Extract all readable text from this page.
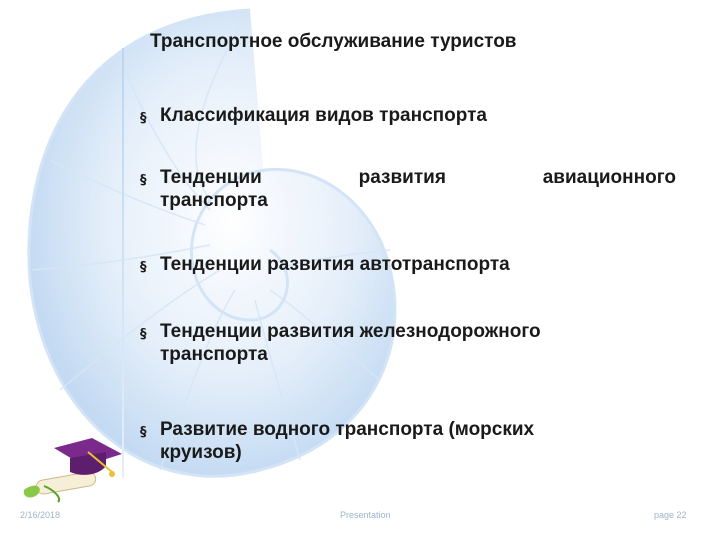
Транспортное обслуживание туристов
§ Классификация видов транспорта
§ Тенденции	развития	авиационного
транспорта
§ Тенденции развития автотранспорта
§ Тенденции развития железнодорожного
транспорта
§ Развитие водного транспорта (морских
круизов)
2/16/2018	Presentation	page 22
